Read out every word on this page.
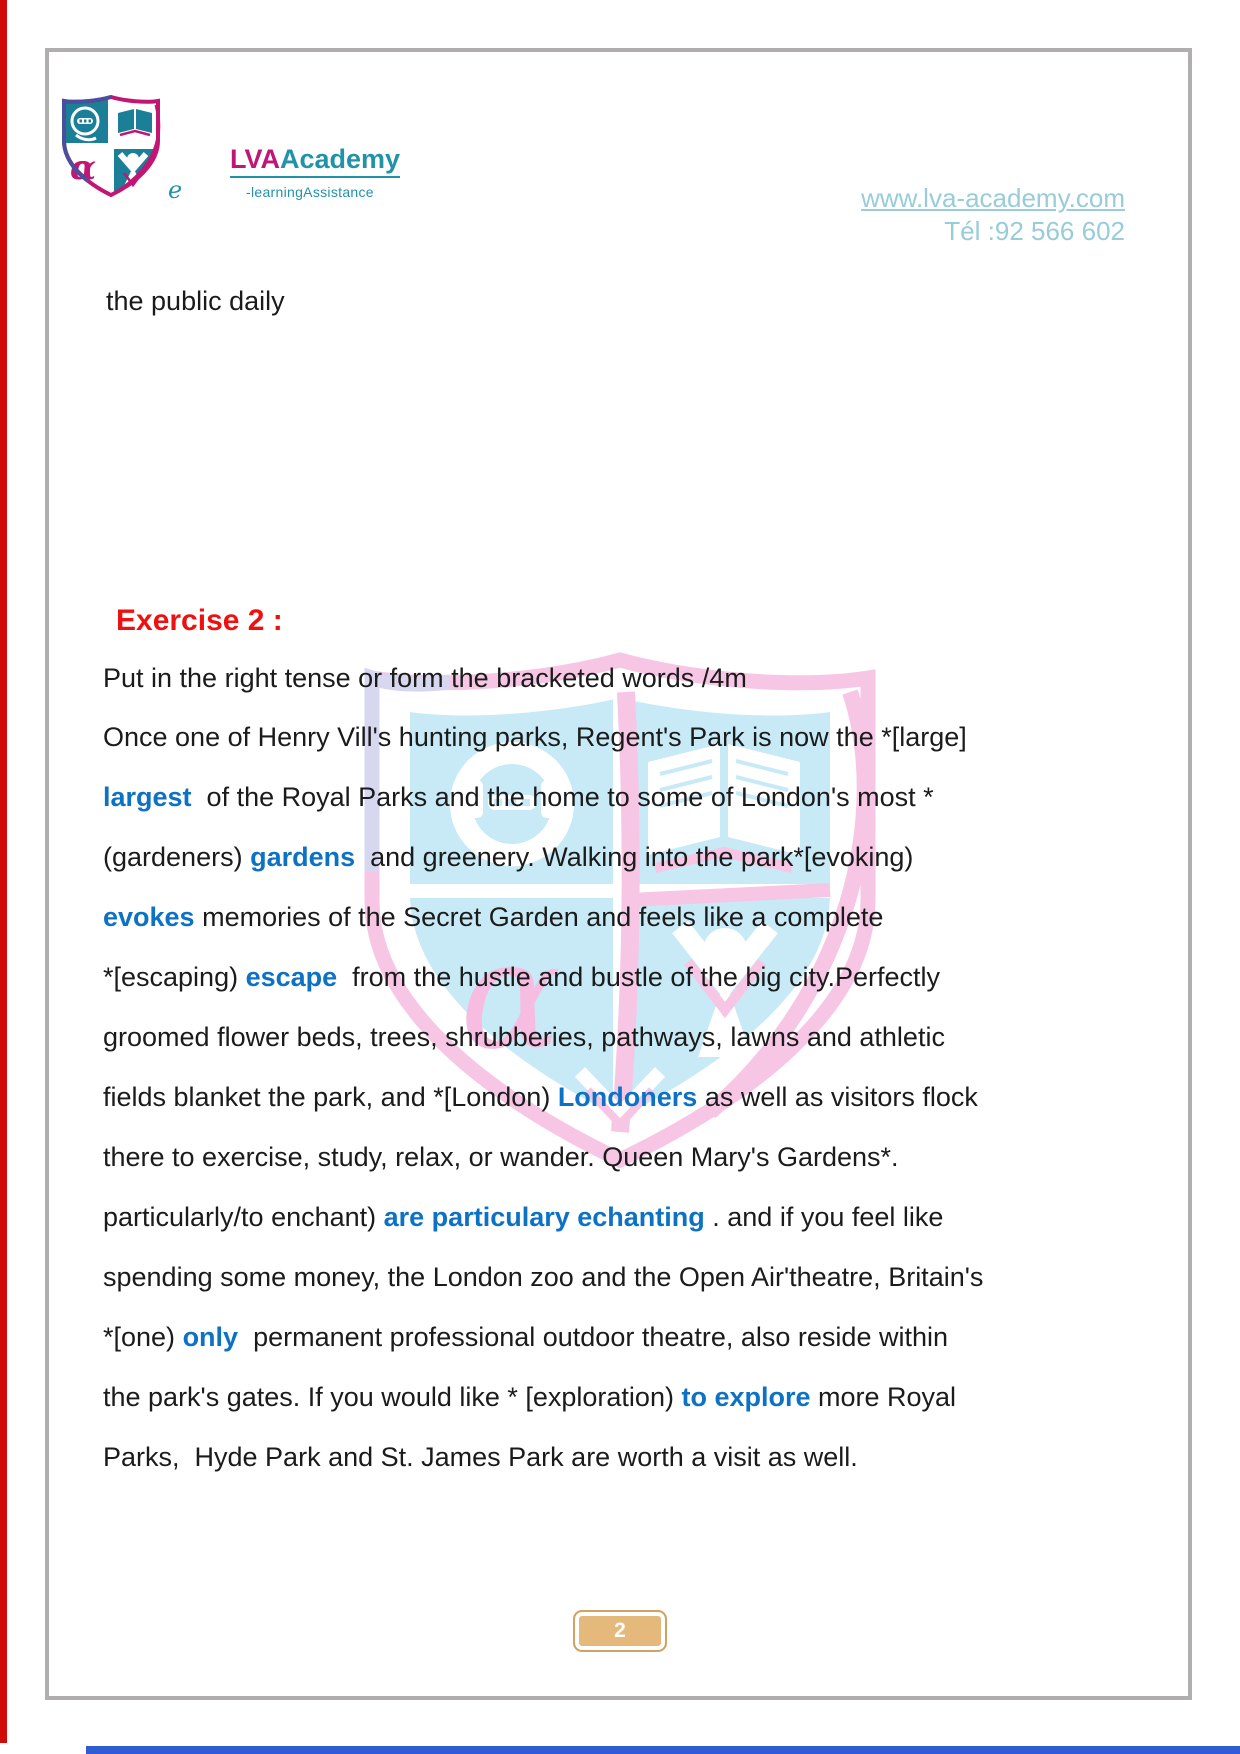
α
α
e
LVAAcademy
-learningAssistance	www.lva-academy.com
Tél :92 566 602
the public daily
Exercise 2 :
Put in the right tense or form the bracketed words /4m
Once one of Henry Vill's hunting parks, Regent's Park is now the *[large]
largest  of the Royal Parks and the home to some of London's most *
(gardeners) gardens  and greenery. Walking into the park*[evoking)
evokes memories of the Secret Garden and feels like a complete
*[escaping) escape  from the hustle and bustle of the big city.Perfectly
groomed flower beds, trees, shrubberies, pathways, lawns and athletic
fields blanket the park, and *[London) Londoners as well as visitors flock
there to exercise, study, relax, or wander. Queen Mary's Gardens*.
particularly/to enchant) are particulary echanting . and if you feel like
spending some money, the London zoo and the Open Air'theatre, Britain's
*[one) only  permanent professional outdoor theatre, also reside within
the park's gates. If you would like * [exploration) to explore more Royal
Parks,  Hyde Park and St. James Park are worth a visit as well.
2
